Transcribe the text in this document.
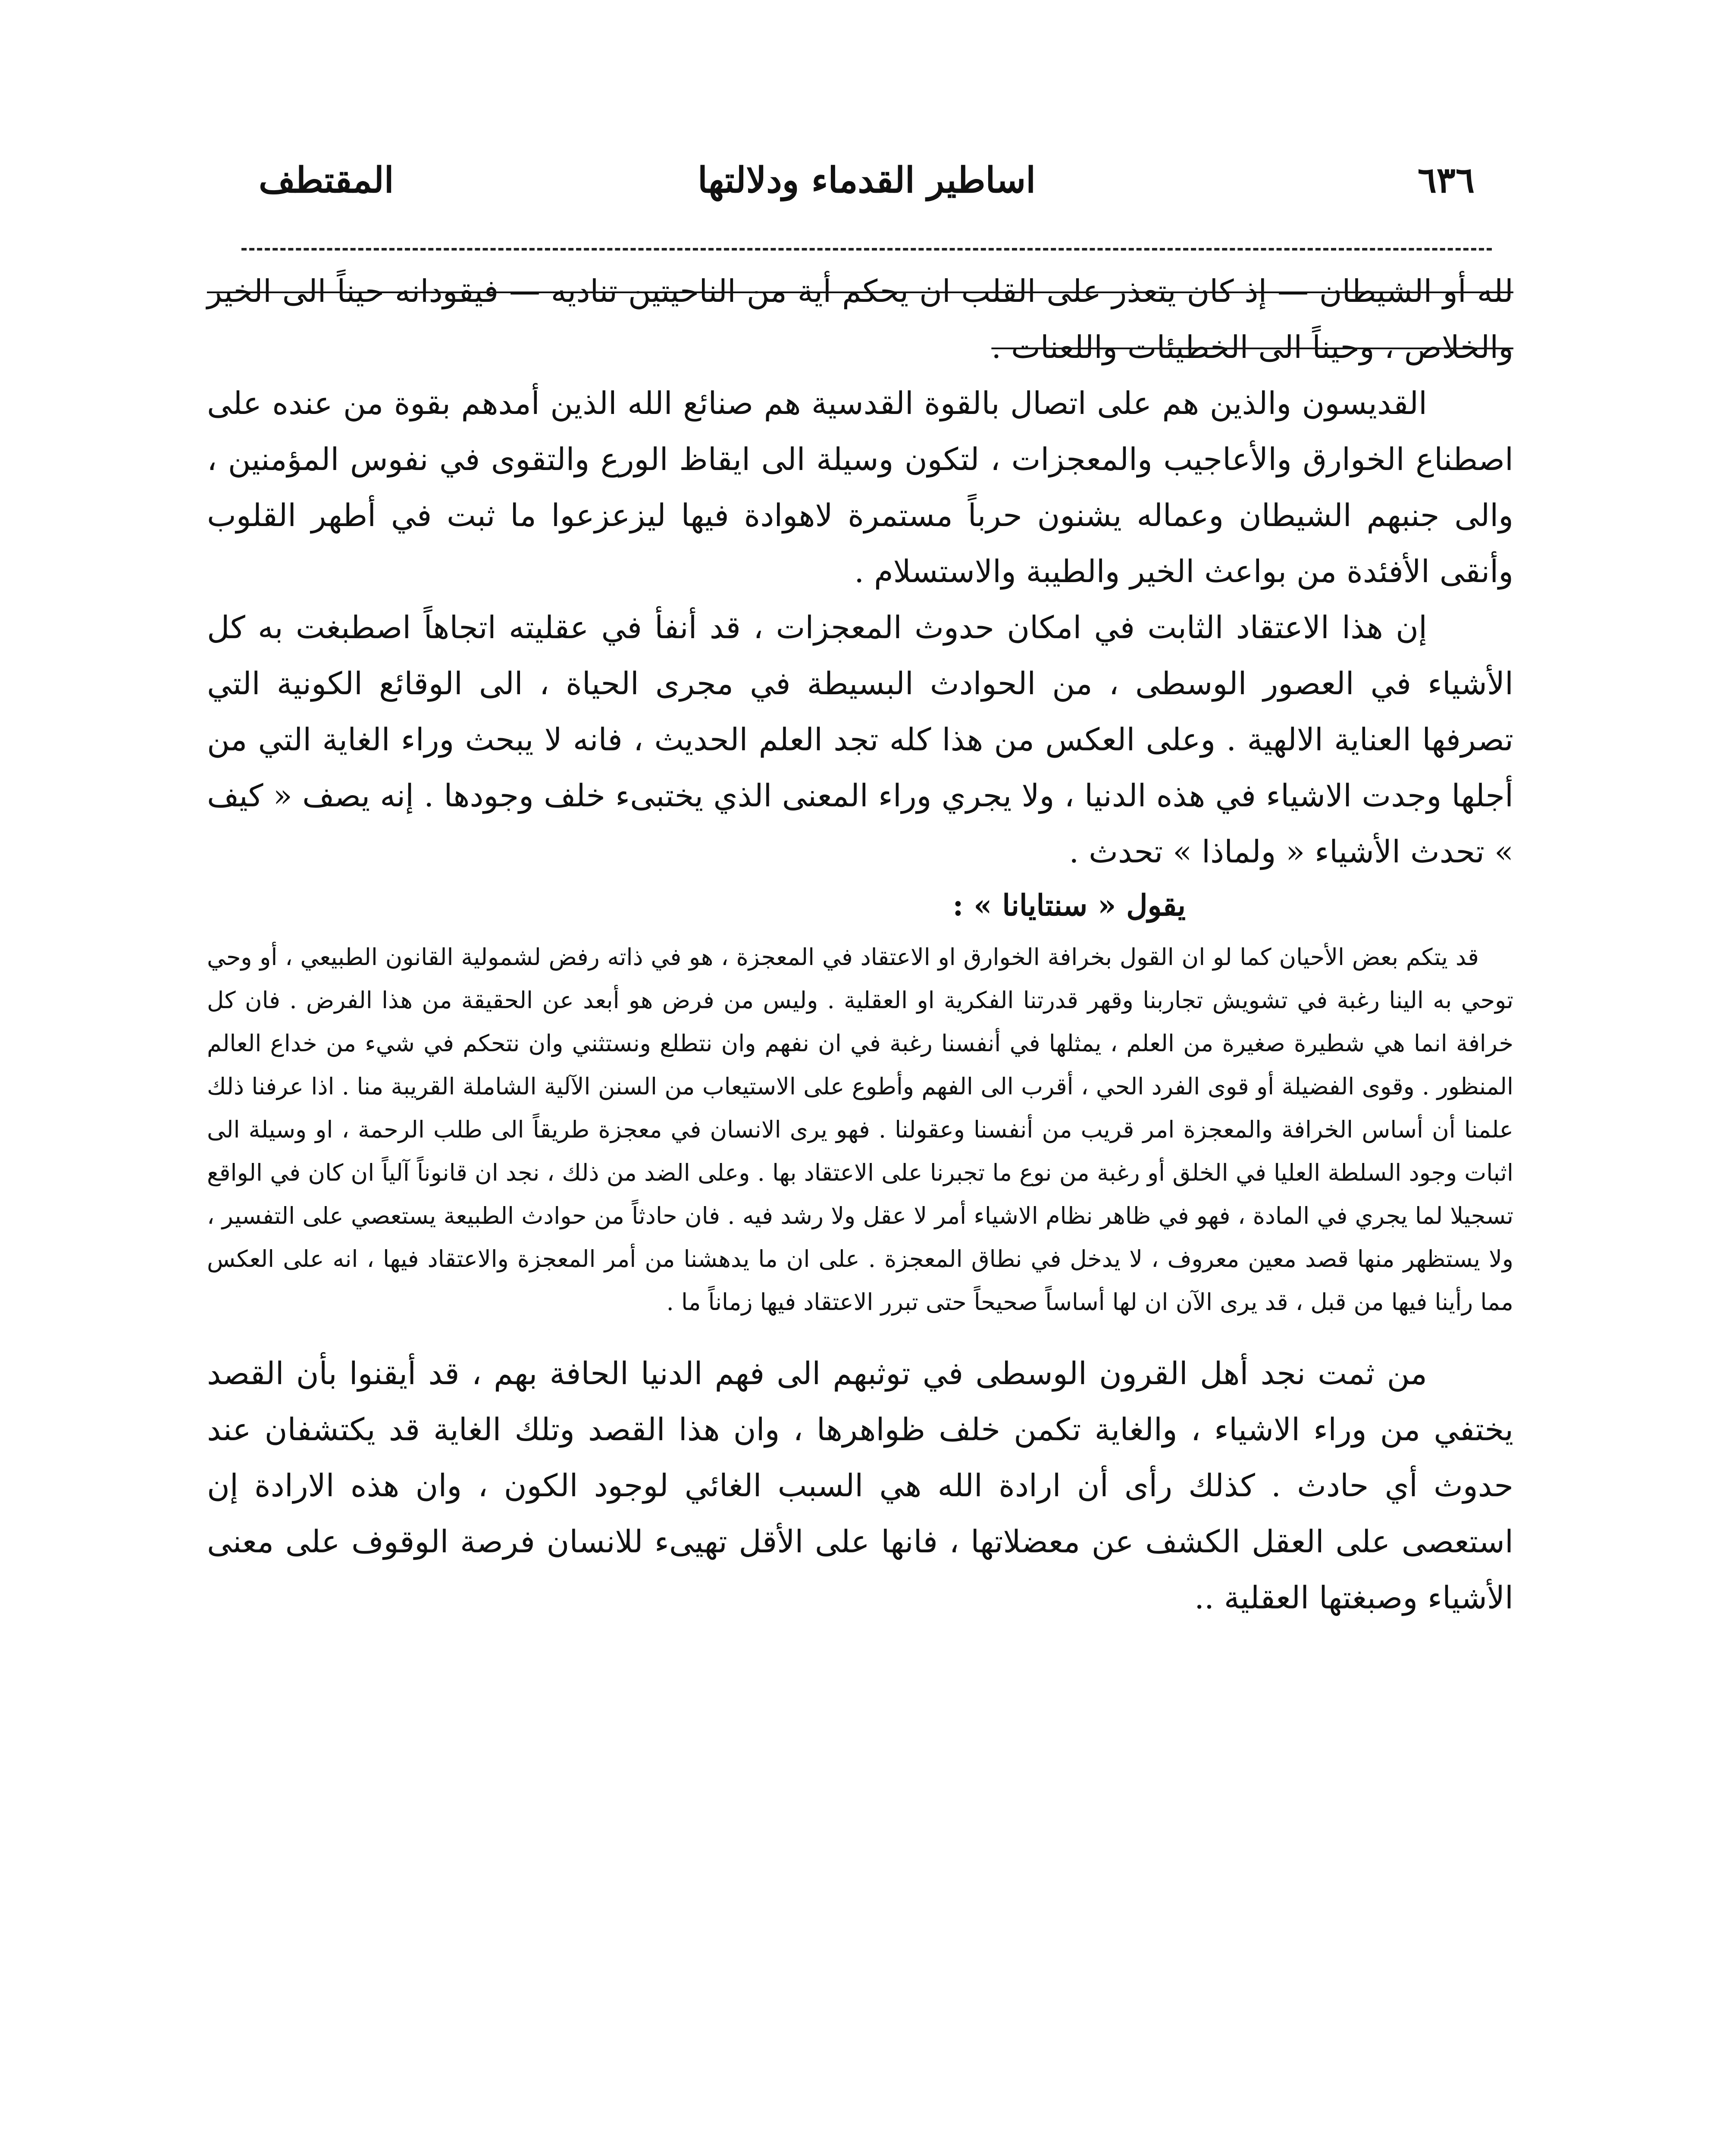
٦٣٦
اساطير القدماء ودلالتها
المقتطف

لله أو الشيطان — إذ كان يتعذر على القلب ان يحكم أية من الناحيتين تناديه — فيقودانه حيناً الى الخير والخلاص ، وحيناً الى الخطيئات واللعنات .

القديسون والذين هم على اتصال بالقوة القدسية هم صنائع الله الذين أمدهم بقوة من عنده على اصطناع الخوارق والأعاجيب والمعجزات ، لتكون وسيلة الى ايقاظ الورع والتقوى في نفوس المؤمنين ، والى جنبهم الشيطان وعماله يشنون حرباً مستمرة لاهوادة فيها ليزعزعوا ما ثبت في أطهر القلوب وأنقى الأفئدة من بواعث الخير والطيبة والاستسلام .

إن هذا الاعتقاد الثابت في امكان حدوث المعجزات ، قد أنفأ في عقليته اتجاهاً اصطبغت به كل الأشياء في العصور الوسطى ، من الحوادث البسيطة في مجرى الحياة ، الى الوقائع الكونية التي تصرفها العناية الالهية . وعلى العكس من هذا كله تجد العلم الحديث ، فانه لا يبحث وراء الغاية التي من أجلها وجدت الاشياء في هذه الدنيا ، ولا يجري وراء المعنى الذي يختبىء خلف وجودها . إنه يصف « كيف » تحدث الأشياء « ولماذا » تحدث .

يقول « سنتايانا » :

قد يتكم بعض الأحيان كما لو ان القول بخرافة الخوارق او الاعتقاد في المعجزة ، هو في ذاته رفض لشمولية القانون الطبيعي ، أو وحي توحي به الينا رغبة في تشويش تجاربنا وقهر قدرتنا الفكرية او العقلية . وليس من فرض هو أبعد عن الحقيقة من هذا الفرض . فان كل خرافة انما هي شطيرة صغيرة من العلم ، يمثلها في أنفسنا رغبة في ان نفهم وان نتطلع ونستثني وان نتحكم في شيء من خداع العالم المنظور . وقوى الفضيلة أو قوى الفرد الحي ، أقرب الى الفهم وأطوع على الاستيعاب من السنن الآلية الشاملة القريبة منا . اذا عرفنا ذلك علمنا أن أساس الخرافة والمعجزة امر قريب من أنفسنا وعقولنا . فهو يرى الانسان في معجزة طريقاً الى طلب الرحمة ، او وسيلة الى اثبات وجود السلطة العليا في الخلق أو رغبة من نوع ما تجبرنا على الاعتقاد بها . وعلى الضد من ذلك ، نجد ان قانوناً آلياً ان كان في الواقع تسجيلا لما يجري في المادة ، فهو في ظاهر نظام الاشياء أمر لا عقل ولا رشد فيه . فان حادثاً من حوادث الطبيعة يستعصي على التفسير ، ولا يستظهر منها قصد معين معروف ، لا يدخل في نطاق المعجزة . على ان ما يدهشنا من أمر المعجزة والاعتقاد فيها ، انه على العكس مما رأينا فيها من قبل ، قد يرى الآن ان لها أساساً صحيحاً حتى تبرر الاعتقاد فيها زماناً ما .

من ثمت نجد أهل القرون الوسطى في توثبهم الى فهم الدنيا الحافة بهم ، قد أيقنوا بأن القصد يختفي من وراء الاشياء ، والغاية تكمن خلف ظواهرها ، وان هذا القصد وتلك الغاية قد يكتشفان عند حدوث أي حادث . كذلك رأى أن ارادة الله هي السبب الغائي لوجود الكون ، وان هذه الارادة إن استعصى على العقل الكشف عن معضلاتها ، فانها على الأقل تهيىء للانسان فرصة الوقوف على معنى الأشياء وصبغتها العقلية ..
